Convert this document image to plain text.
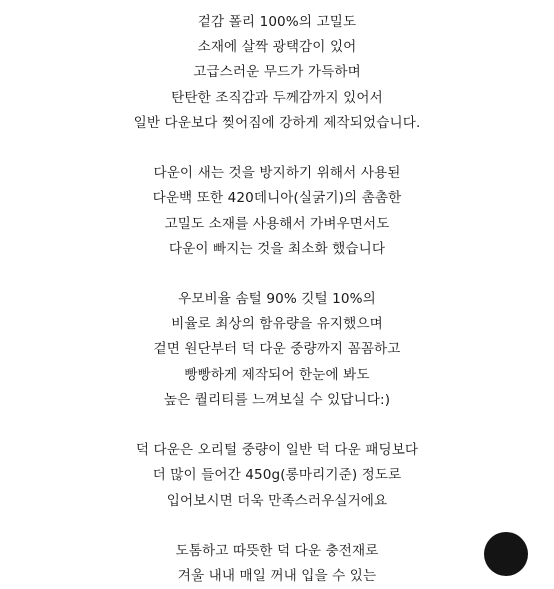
겉감 폴리 100%의 고밀도
소재에 살짝 광택감이 있어
고급스러운 무드가 가득하며
탄탄한 조직감과 두께감까지 있어서
일반 다운보다 찢어짐에 강하게 제작되었습니다.
다운이 새는 것을 방지하기 위해서 사용된
다운백 또한 420데니아(실굵기)의 촘촘한
고밀도 소재를 사용해서 가벼우면서도
다운이 빠지는 것을 최소화 했습니다
우모비율 솜털 90% 깃털 10%의
비율로 최상의 함유량을 유지했으며
겉면 원단부터 덕 다운 중량까지 꼼꼼하고
빵빵하게 제작되어 한눈에 봐도
높은 퀄리티를 느껴보실 수 있답니다:)
덕 다운은 오리털 중량이 일반 덕 다운 패딩보다
더 많이 들어간 450g(롱마리기준) 정도로
입어보시면 더욱 만족스러우실거에요
도톰하고 따뜻한 덕 다운 충전재로
겨울 내내 매일 꺼내 입을 수 있는
